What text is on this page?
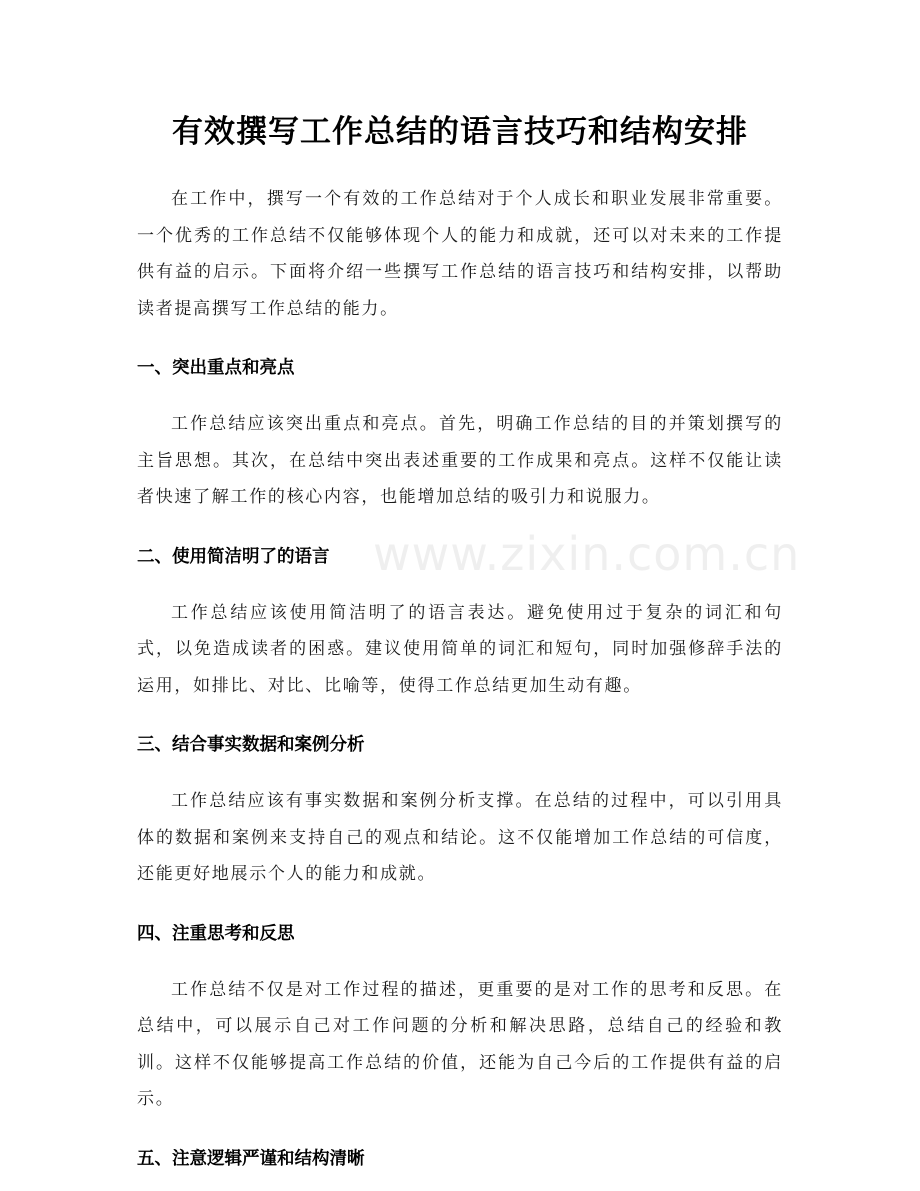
有效撰写工作总结的语言技巧和结构安排

在工作中，撰写一个有效的工作总结对于个人成长和职业发展非常重要。一个优秀的工作总结不仅能够体现个人的能力和成就，还可以对未来的工作提供有益的启示。下面将介绍一些撰写工作总结的语言技巧和结构安排，以帮助读者提高撰写工作总结的能力。

一、突出重点和亮点

工作总结应该突出重点和亮点。首先，明确工作总结的目的并策划撰写的主旨思想。其次，在总结中突出表述重要的工作成果和亮点。这样不仅能让读者快速了解工作的核心内容，也能增加总结的吸引力和说服力。

二、使用简洁明了的语言

工作总结应该使用简洁明了的语言表达。避免使用过于复杂的词汇和句式，以免造成读者的困惑。建议使用简单的词汇和短句，同时加强修辞手法的运用，如排比、对比、比喻等，使得工作总结更加生动有趣。

三、结合事实数据和案例分析

工作总结应该有事实数据和案例分析支撑。在总结的过程中，可以引用具体的数据和案例来支持自己的观点和结论。这不仅能增加工作总结的可信度，还能更好地展示个人的能力和成就。

四、注重思考和反思

工作总结不仅是对工作过程的描述，更重要的是对工作的思考和反思。在总结中，可以展示自己对工作问题的分析和解决思路，总结自己的经验和教训。这样不仅能够提高工作总结的价值，还能为自己今后的工作提供有益的启示。

五、注意逻辑严谨和结构清晰
www.zixin.com.cn
